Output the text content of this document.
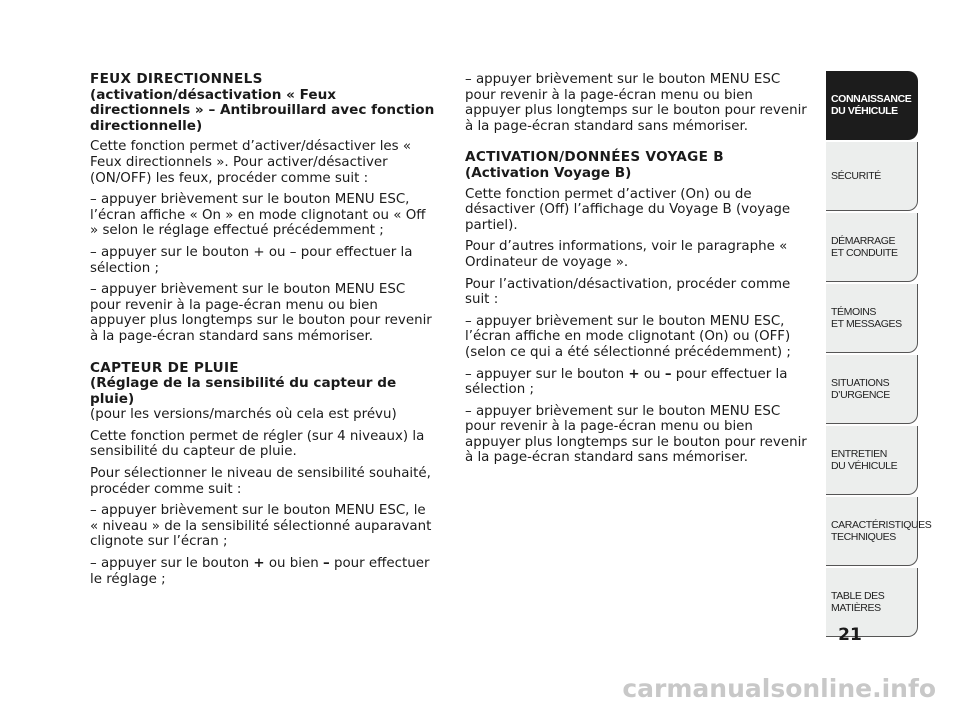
FEUX DIRECTIONNELS
(activation/désactivation « Feux directionnels » – Antibrouillard avec fonction directionnelle)

Cette fonction permet d’activer/désactiver les « Feux directionnels ». Pour activer/désactiver (ON/OFF) les feux, procéder comme suit :

– appuyer brièvement sur le bouton MENU ESC, l’écran affiche « On » en mode clignotant ou « Off » selon le réglage effectué précédemment ;

– appuyer sur le bouton + ou – pour effectuer la sélection ;

– appuyer brièvement sur le bouton MENU ESC pour revenir à la page-écran menu ou bien appuyer plus longtemps sur le bouton pour revenir à la page-écran standard sans mémoriser.

CAPTEUR DE PLUIE
(Réglage de la sensibilité du capteur de pluie)

(pour les versions/marchés où cela est prévu)

Cette fonction permet de régler (sur 4 niveaux) la sensibilité du capteur de pluie.

Pour sélectionner le niveau de sensibilité souhaité, procéder comme suit :

– appuyer brièvement sur le bouton MENU ESC, le « niveau » de la sensibilité sélectionné auparavant clignote sur l’écran ;

– appuyer sur le bouton + ou bien – pour effectuer le réglage ;

– appuyer brièvement sur le bouton MENU ESC pour revenir à la page-écran menu ou bien appuyer plus longtemps sur le bouton pour revenir à la page-écran standard sans mémoriser.

ACTIVATION/DONNÉES VOYAGE B
(Activation Voyage B)

Cette fonction permet d’activer (On) ou de désactiver (Off) l’affichage du Voyage B (voyage partiel).

Pour d’autres informations, voir le paragraphe « Ordinateur de voyage ».

Pour l’activation/désactivation, procéder comme suit :

– appuyer brièvement sur le bouton MENU ESC, l’écran affiche en mode clignotant (On) ou (OFF) (selon ce qui a été sélectionné précédemment) ;

– appuyer sur le bouton + ou – pour effectuer la sélection ;

– appuyer brièvement sur le bouton MENU ESC pour revenir à la page-écran menu ou bien appuyer plus longtemps sur le bouton pour revenir à la page-écran standard sans mémoriser.

CONNAISSANCE
DU VÉHICULE
SÉCURITÉ
DÉMARRAGE
ET CONDUITE
TÉMOINS
ET MESSAGES
SITUATIONS
D’URGENCE
ENTRETIEN
DU VÉHICULE
CARACTÉRISTIQUES
TECHNIQUES
TABLE DES
MATIÈRES
21
carmanualsonline.info
